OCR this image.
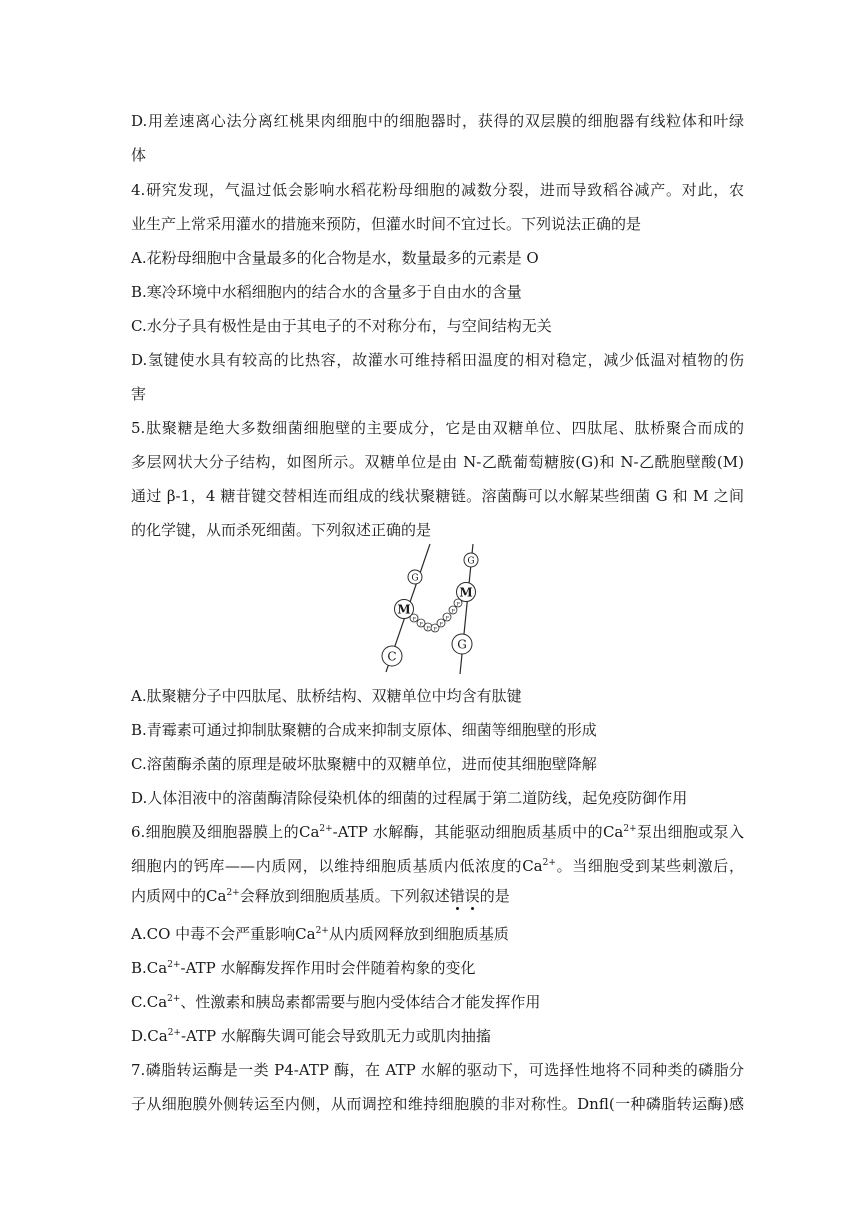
D.用差速离心法分离红桃果肉细胞中的细胞器时，获得的双层膜的细胞器有线粒体和叶绿
体
4.研究发现，气温过低会影响水稻花粉母细胞的减数分裂，进而导致稻谷减产。对此，农
业生产上常采用灌水的措施来预防，但灌水时间不宜过长。下列说法正确的是
A.花粉母细胞中含量最多的化合物是水，数量最多的元素是 O
B.寒冷环境中水稻细胞内的结合水的含量多于自由水的含量
C.水分子具有极性是由于其电子的不对称分布，与空间结构无关
D.氢键使水具有较高的比热容，故灌水可维持稻田温度的相对稳定，减少低温对植物的伤
害
5.肽聚糖是绝大多数细菌细胞壁的主要成分，它是由双糖单位、四肽尾、肽桥聚合而成的
多层网状大分子结构，如图所示。双糖单位是由 N-乙酰葡萄糖胺(G)和 N-乙酰胞壁酸(M)
通过 β-1，4 糖苷键交替相连而组成的线状聚糖链。溶菌酶可以水解某些细菌 G 和 M 之间
的化学键，从而杀死细菌。下列叙述正确的是
G
M
C
G
M
G
P
P
P P
P
P
P
P
A.肽聚糖分子中四肽尾、肽桥结构、双糖单位中均含有肽键
B.青霉素可通过抑制肽聚糖的合成来抑制支原体、细菌等细胞壁的形成
C.溶菌酶杀菌的原理是破坏肽聚糖中的双糖单位，进而使其细胞壁降解
D.人体泪液中的溶菌酶清除侵染机体的细菌的过程属于第二道防线，起免疫防御作用
6.细胞膜及细胞器膜上的$Ca^{2+}$-ATP 水解酶，其能驱动细胞质基质中的$Ca^{2+}$泵出细胞或泵入
细胞内的钙库——内质网，以维持细胞质基质内低浓度的$Ca^{2+}$。当细胞受到某些刺激后，
内质网中的$Ca^{2+}$会释放到细胞质基质。下列叙述错误的是
A.CO 中毒不会严重影响$Ca^{2+}$从内质网释放到细胞质基质
$B.Ca^{2+}$-ATP 水解酶发挥作用时会伴随着构象的变化
$C.Ca^{2+}$、性激素和胰岛素都需要与胞内受体结合才能发挥作用
$D.Ca^{2+}$-ATP 水解酶失调可能会导致肌无力或肌肉抽搐
7.磷脂转运酶是一类 P4-ATP 酶，在 ATP 水解的驱动下，可选择性地将不同种类的磷脂分
子从细胞膜外侧转运至内侧，从而调控和维持细胞膜的非对称性。Dnfl(一种磷脂转运酶)感
